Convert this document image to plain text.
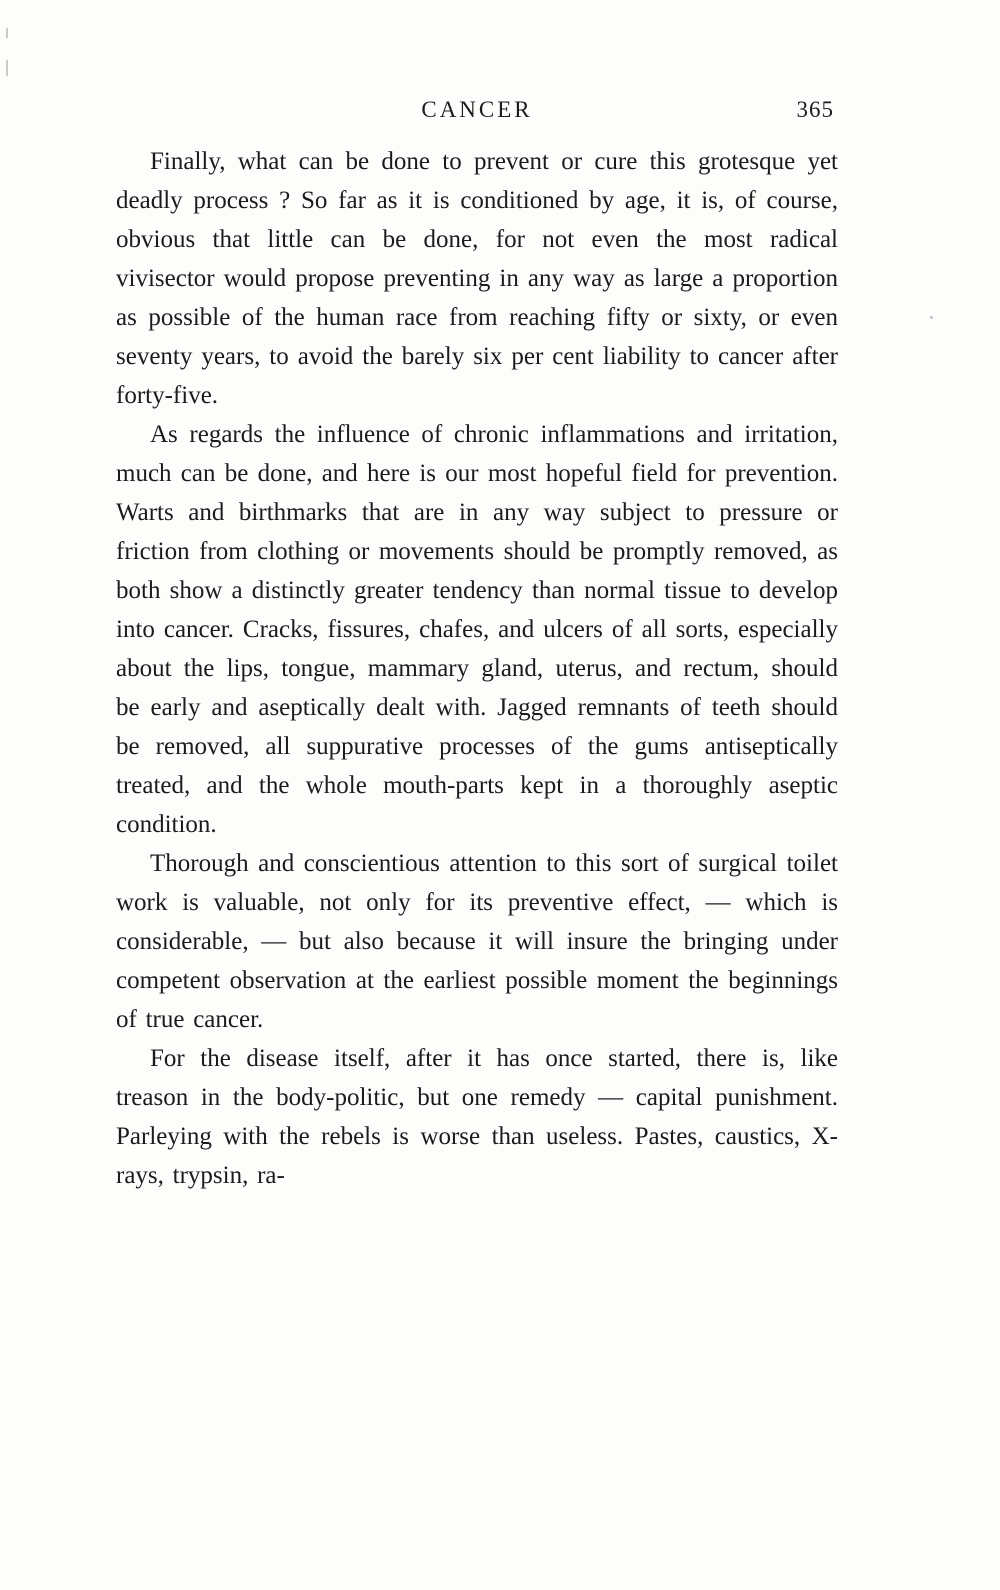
CANCER	365

Finally, what can be done to prevent or cure this grotesque yet deadly process ? So far as it is conditioned by age, it is, of course, obvious that little can be done, for not even the most radical vivisector would propose preventing in any way as large a proportion as possible of the human race from reaching fifty or sixty, or even seventy years, to avoid the barely six per cent liability to cancer after forty-five.

As regards the influence of chronic inflammations and irritation, much can be done, and here is our most hopeful field for prevention. Warts and birthmarks that are in any way subject to pressure or friction from clothing or movements should be promptly removed, as both show a distinctly greater tendency than normal tissue to develop into cancer. Cracks, fissures, chafes, and ulcers of all sorts, especially about the lips, tongue, mammary gland, uterus, and rectum, should be early and aseptically dealt with. Jagged remnants of teeth should be removed, all suppurative processes of the gums antiseptically treated, and the whole mouth-parts kept in a thoroughly aseptic condition.

Thorough and conscientious attention to this sort of surgical toilet work is valuable, not only for its preventive effect, — which is considerable, — but also because it will insure the bringing under competent observation at the earliest possible moment the beginnings of true cancer.

For the disease itself, after it has once started, there is, like treason in the body-politic, but one remedy — capital punishment. Parleying with the rebels is worse than useless. Pastes, caustics, X-rays, trypsin, ra-
